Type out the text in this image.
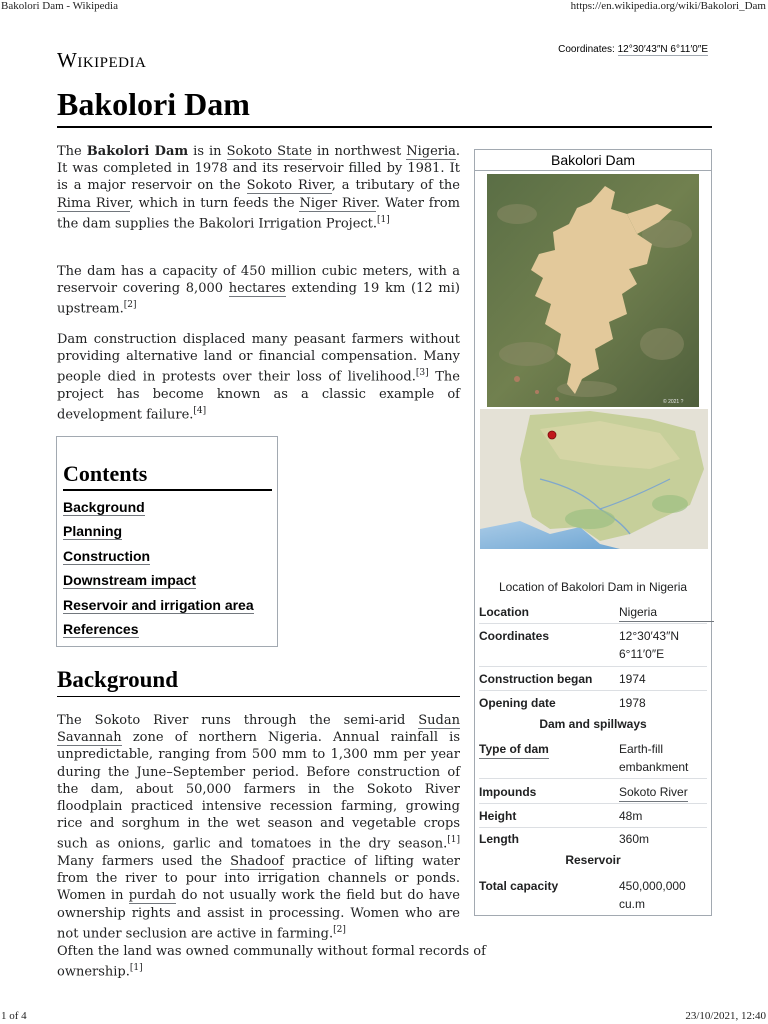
Bakolori Dam - Wikipedia	https://en.wikipedia.org/wiki/Bakolori_Dam
Wikipedia	Coordinates: 12°30′43″N 6°11′0″E
Bakolori Dam

The Bakolori Dam is in Sokoto State in northwest Nigeria. It was completed in 1978 and its reservoir filled by 1981. It is a major reservoir on the Sokoto River, a tributary of the Rima River, which in turn feeds the Niger River. Water from the dam supplies the Bakolori Irrigation Project.[1]

The dam has a capacity of 450 million cubic meters, with a reservoir covering 8,000 hectares extending 19 km (12 mi) upstream.[2]

Dam construction displaced many peasant farmers without providing alternative land or financial compensation. Many people died in protests over their loss of livelihood.[3] The project has become known as a classic example of development failure.[4]

Contents
Background
Planning
Construction
Downstream impact
Reservoir and irrigation area
References
Background

The Sokoto River runs through the semi-arid Sudan Savannah zone of northern Nigeria. Annual rainfall is unpredictable, ranging from 500 mm to 1,300 mm per year during the June–September period. Before construction of the dam, about 50,000 farmers in the Sokoto River floodplain practiced intensive recession farming, growing rice and sorghum in the wet season and vegetable crops such as onions, garlic and tomatoes in the dry season.[1] Many farmers used the Shadoof practice of lifting water from the river to pour into irrigation channels or ponds. Women in purdah do not usually work the field but do have ownership rights and assist in processing. Women who are not under seclusion are active in farming.[2]

Often the land was owned communally without formal records of ownership.[1]

Bakolori Dam
© 2021 ?
Location of Bakolori Dam in Nigeria
Location	Nigeria
Coordinates	12°30′43″N 6°11′0″E
Construction began	1974
Opening date	1978
Dam and spillways
Type of dam	Earth-fill embankment
Impounds	Sokoto River
Height	48m
Length	360m
Reservoir
Total capacity	450,000,000 cu.m
1 of 4	23/10/2021, 12:40
